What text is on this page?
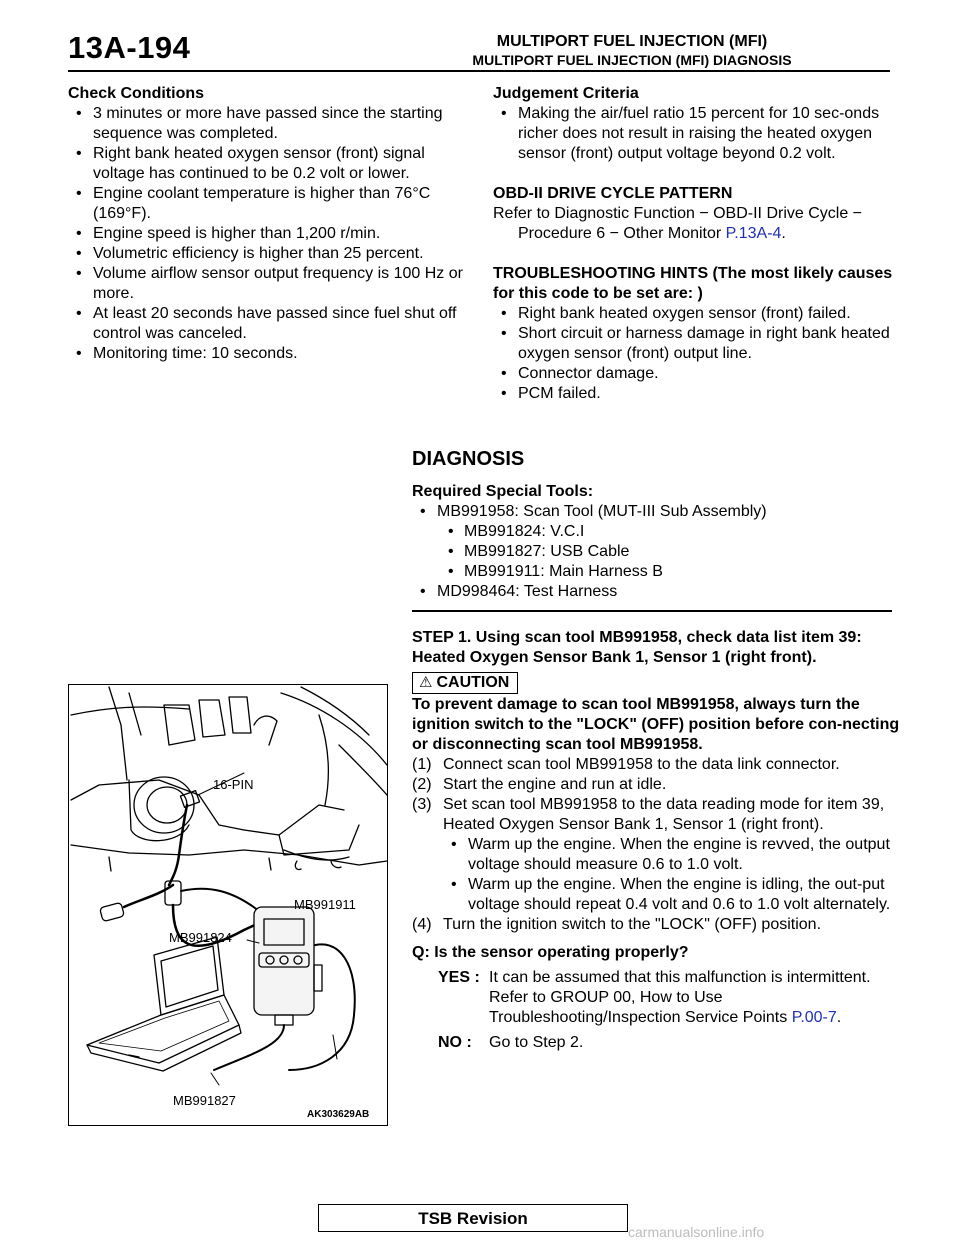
13A-194	MULTIPORT FUEL INJECTION (MFI)
MULTIPORT FUEL INJECTION (MFI) DIAGNOSIS
Check Conditions
• 3 minutes or more have passed since the starting sequence was completed.
• Right bank heated oxygen sensor (front) signal voltage has continued to be 0.2 volt or lower.
• Engine coolant temperature is higher than 76°C (169°F).
• Engine speed is higher than 1,200 r/min.
• Volumetric efficiency is higher than 25 percent.
• Volume airflow sensor output frequency is 100 Hz or more.
• At least 20 seconds have passed since fuel shut off control was canceled.
• Monitoring time: 10 seconds.
Judgement Criteria
• Making the air/fuel ratio 15 percent for 10 sec-onds richer does not result in raising the heated oxygen sensor (front) output voltage beyond 0.2 volt.
OBD-II DRIVE CYCLE PATTERN
Refer to Diagnostic Function − OBD-II Drive Cycle − Procedure 6 − Other Monitor P.13A-4.
TROUBLESHOOTING HINTS (The most likely causes for this code to be set are: )
• Right bank heated oxygen sensor (front) failed.
• Short circuit or harness damage in right bank heated oxygen sensor (front) output line.
• Connector damage.
• PCM failed.
DIAGNOSIS
Required Special Tools:
• MB991958: Scan Tool (MUT-III Sub Assembly)
• MB991824: V.C.I
• MB991827: USB Cable
• MB991911: Main Harness B
• MD998464: Test Harness
STEP 1. Using scan tool MB991958, check data list item 39: Heated Oxygen Sensor Bank 1, Sensor 1 (right front).
⚠ CAUTION
To prevent damage to scan tool MB991958, always turn the ignition switch to the "LOCK" (OFF) position before con-necting or disconnecting scan tool MB991958.
(1) Connect scan tool MB991958 to the data link connector.
(2) Start the engine and run at idle.
(3) Set scan tool MB991958 to the data reading mode for item 39, Heated Oxygen Sensor Bank 1, Sensor 1 (right front).
• Warm up the engine. When the engine is revved, the output voltage should measure 0.6 to 1.0 volt.
• Warm up the engine. When the engine is idling, the out-put voltage should repeat 0.4 volt and 0.6 to 1.0 volt alternately.
(4) Turn the ignition switch to the "LOCK" (OFF) position.
Q: Is the sensor operating properly?
YES : It can be assumed that this malfunction is intermittent. Refer to GROUP 00, How to Use Troubleshooting/Inspection Service Points P.00-7.
NO : Go to Step 2.
16-PIN
MB991911
MB991824
MB991827
AK303629AB
TSB Revision
carmanualsonline.info
